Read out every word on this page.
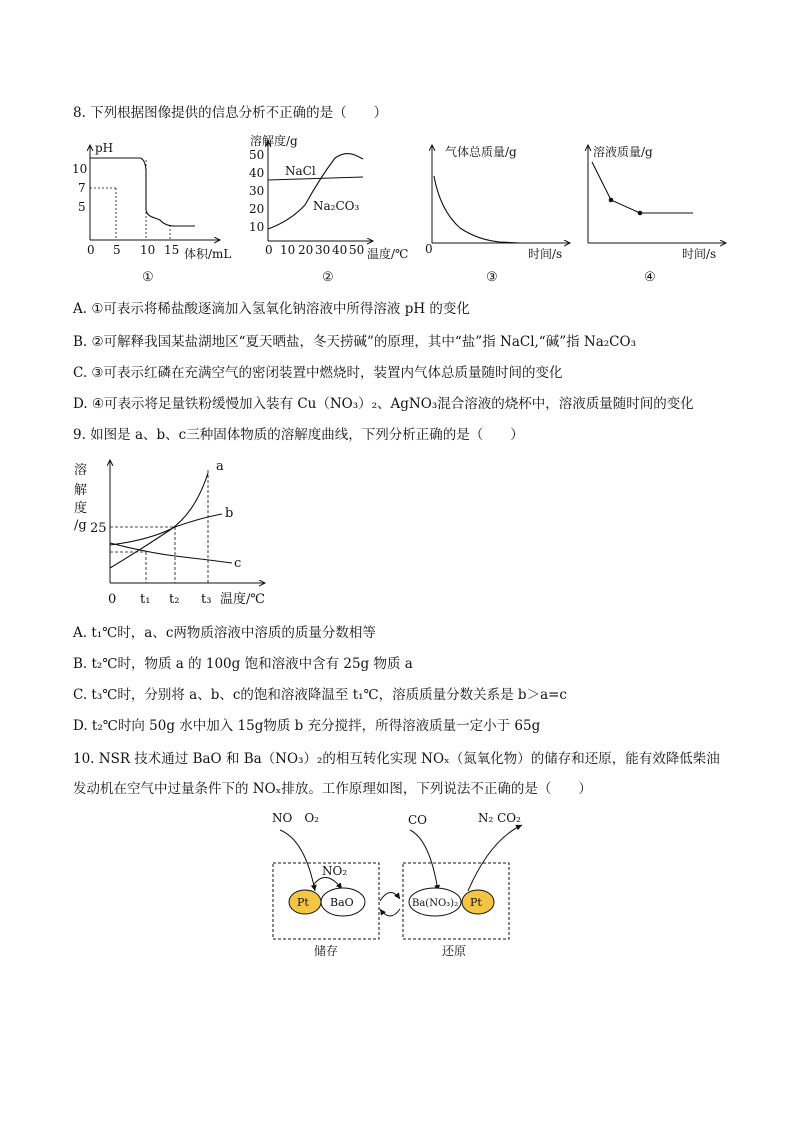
8. 下列根据图像提供的信息分析不正确的是（　　）
pH
10
7
5
0 5 10 15 体积/mL
①
溶解度/g
50
40
30
20
10
NaCl
Na₂CO₃
0 10 20 30 40 50 温度/℃
②
气体总质量/g
0	时间/s
③
溶液质量/g
时间/s
④
A. ①可表示将稀盐酸逐滴加入氢氧化钠溶液中所得溶液 pH 的变化
B. ②可解释我国某盐湖地区“夏天晒盐，冬天捞碱”的原理，其中“盐”指 NaCl,“碱”指 Na₂CO₃
C. ③可表示红磷在充满空气的密闭装置中燃烧时，装置内气体总质量随时间的变化
D. ④可表示将足量铁粉缓慢加入装有 Cu（NO₃）₂、AgNO₃混合溶液的烧杯中，溶液质量随时间的变化
9. 如图是 a、b、c三种固体物质的溶解度曲线，下列分析正确的是（　　）
溶
解
度
/g 25
a
b
c
0 t₁ t₂ t₃ 温度/℃
A. t₁℃时，a、c两物质溶液中溶质的质量分数相等
B. t₂℃时，物质 a 的 100g 饱和溶液中含有 25g 物质 a
C. t₃℃时，分别将 a、b、c的饱和溶液降温至 t₁℃，溶质质量分数关系是 b＞a=c
D. t₂℃时向 50g 水中加入 15g物质 b 充分搅拌，所得溶液质量一定小于 65g
10. NSR 技术通过 BaO 和 Ba（NO₃）₂的相互转化实现 NOₓ（氮氧化物）的储存和还原，能有效降低柴油
发动机在空气中过量条件下的 NOₓ排放。工作原理如图，下列说法不正确的是（　　）
NO　O₂	N₂ CO₂
CO
NO₂
Pt BaO	Ba(NO₃)₂ Pt
储存	还原
